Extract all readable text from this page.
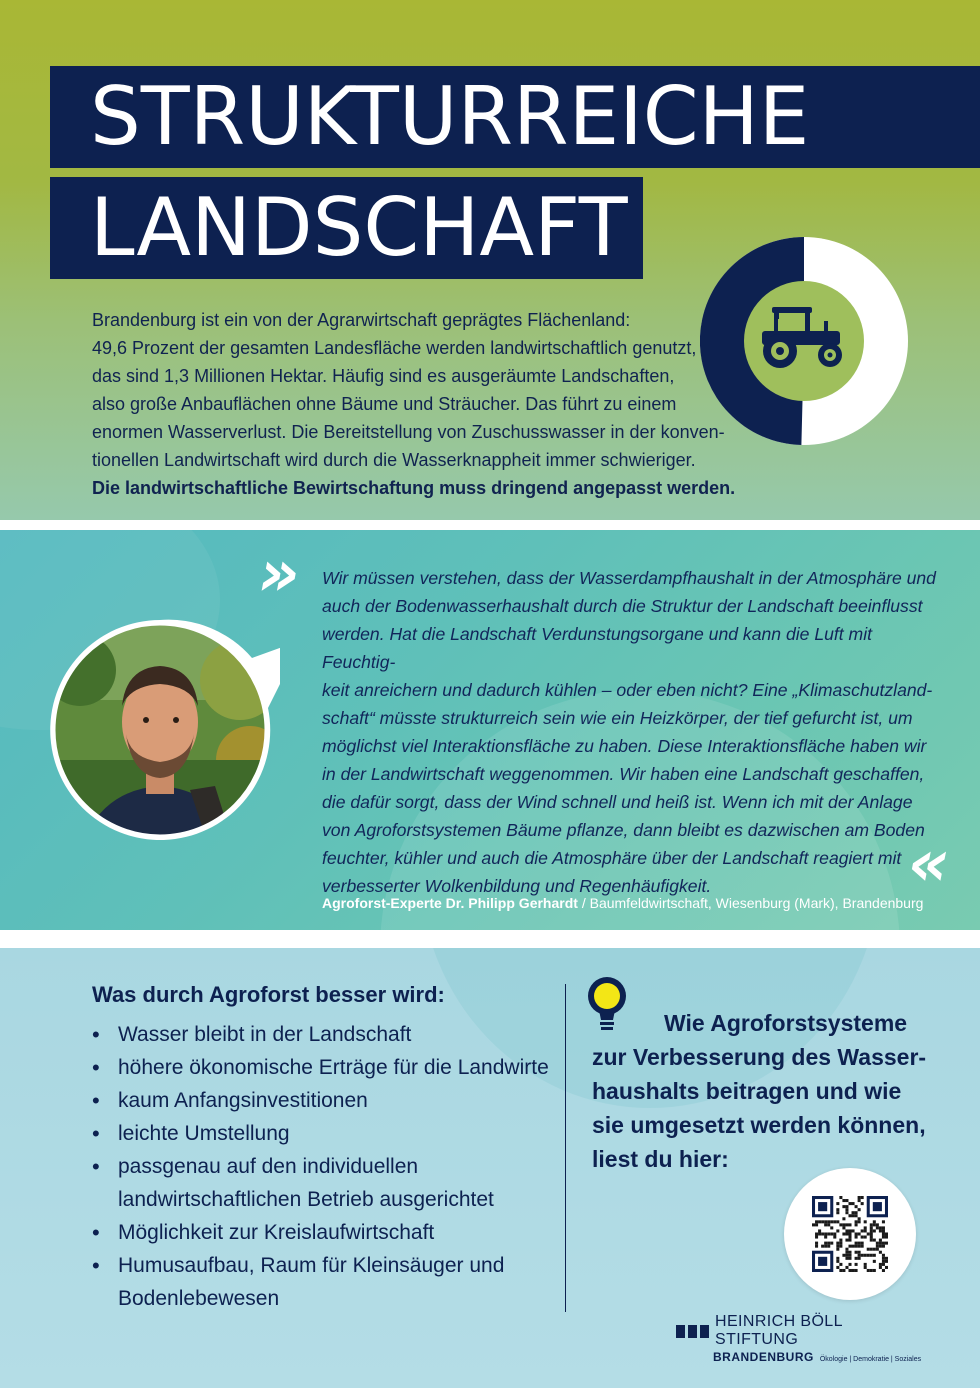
STRUKTURREICHE
LANDSCHAFT
Brandenburg ist ein von der Agrarwirtschaft geprägtes Flächenland:
49,6 Prozent der gesamten Landesfläche werden landwirtschaftlich genutzt,
das sind 1,3 Millionen Hektar. Häufig sind es ausgeräumte Landschaften,
also große Anbauflächen ohne Bäume und Sträucher. Das führt zu einem
enormen Wasserverlust. Die Bereitstellung von Zuschusswasser in der konven-
tionellen Landwirtschaft wird durch die Wasserknappheit immer schwieriger.
Die landwirtschaftliche Bewirtschaftung muss dringend angepasst werden.
» Wir müssen verstehen, dass der Wasserdampfhaushalt in der Atmosphäre und
auch der Bodenwasserhaushalt durch die Struktur der Landschaft beeinflusst
werden. Hat die Landschaft Verdunstungsorgane und kann die Luft mit Feuchtig-
keit anreichern und dadurch kühlen – oder eben nicht? Eine „Klimaschutzland-
schaft“ müsste strukturreich sein wie ein Heizkörper, der tief gefurcht ist, um
möglichst viel Interaktionsfläche zu haben. Diese Interaktionsfläche haben wir
in der Landwirtschaft weggenommen. Wir haben eine Landschaft geschaffen,
die dafür sorgt, dass der Wind schnell und heiß ist. Wenn ich mit der Anlage
von Agroforstsystemen Bäume pflanze, dann bleibt es dazwischen am Boden
feuchter, kühler und auch die Atmosphäre über der Landschaft reagiert mit
verbesserter Wolkenbildung und Regenhäufigkeit.	«
Agroforst-Experte Dr. Philipp Gerhardt / Baumfeldwirtschaft, Wiesenburg (Mark), Brandenburg
Was durch Agroforst besser wird:
• Wasser bleibt in der Landschaft
• höhere ökonomische Erträge für die Landwirte
• kaum Anfangsinvestitionen
• leichte Umstellung
• passgenau auf den individuellen landwirtschaftlichen Betrieb ausgerichtet
• Möglichkeit zur Kreislaufwirtschaft
• Humusaufbau, Raum für Kleinsäuger und Bodenlebewesen
Wie Agroforstsysteme
zur Verbesserung des Wasser-
haushalts beitragen und wie
sie umgesetzt werden können,
liest du hier:
HEINRICH BÖLL STIFTUNG
BRANDENBURG Ökologie | Demokratie | Soziales
